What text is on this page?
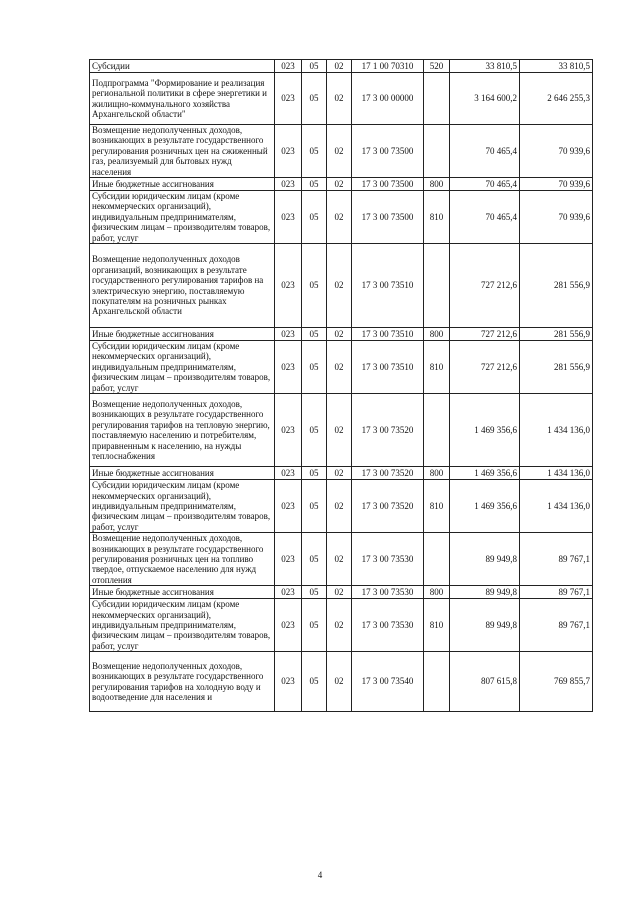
Субсидии	023	05	02	17 1 00 70310	520	33 810,5	33 810,5
Подпрограмма "Формирование и реализация региональной политики в сфере энергетики и жилищно-коммунального хозяйства Архангельской области"	023	05	02	17 3 00 00000		3 164 600,2	2 646 255,3
Возмещение недополученных доходов, возникающих в результате государственного регулирования розничных цен на сжиженный газ, реализуемый для бытовых нужд населения	023	05	02	17 3 00 73500		70 465,4	70 939,6
Иные бюджетные ассигнования	023	05	02	17 3 00 73500	800	70 465,4	70 939,6
Субсидии юридическим лицам (кроме некоммерческих организаций), индивидуальным предпринимателям, физическим лицам – производителям товаров, работ, услуг	023	05	02	17 3 00 73500	810	70 465,4	70 939,6
Возмещение недополученных доходов организаций, возникающих в результате государственного регулирования тарифов на электрическую энергию, поставляемую покупателям на розничных рынках Архангельской области	023	05	02	17 3 00 73510		727 212,6	281 556,9
Иные бюджетные ассигнования	023	05	02	17 3 00 73510	800	727 212,6	281 556,9
Субсидии юридическим лицам (кроме некоммерческих организаций), индивидуальным предпринимателям, физическим лицам – производителям товаров, работ, услуг	023	05	02	17 3 00 73510	810	727 212,6	281 556,9
Возмещение недополученных доходов, возникающих в результате государственного регулирования тарифов на тепловую энергию, поставляемую населению и потребителям, приравненным к населению, на нужды теплоснабжения	023	05	02	17 3 00 73520		1 469 356,6	1 434 136,0
Иные бюджетные ассигнования	023	05	02	17 3 00 73520	800	1 469 356,6	1 434 136,0
Субсидии юридическим лицам (кроме некоммерческих организаций), индивидуальным предпринимателям, физическим лицам – производителям товаров, работ, услуг	023	05	02	17 3 00 73520	810	1 469 356,6	1 434 136,0
Возмещение недополученных доходов, возникающих в результате государственного регулирования розничных цен на топливо твердое, отпускаемое населению для нужд отопления	023	05	02	17 3 00 73530		89 949,8	89 767,1
Иные бюджетные ассигнования	023	05	02	17 3 00 73530	800	89 949,8	89 767,1
Субсидии юридическим лицам (кроме некоммерческих организаций), индивидуальным предпринимателям, физическим лицам – производителям товаров, работ, услуг	023	05	02	17 3 00 73530	810	89 949,8	89 767,1
Возмещение недополученных доходов, возникающих в результате государственного регулирования тарифов на холодную воду и водоотведение для населения и	023	05	02	17 3 00 73540		807 615,8	769 855,7
4
